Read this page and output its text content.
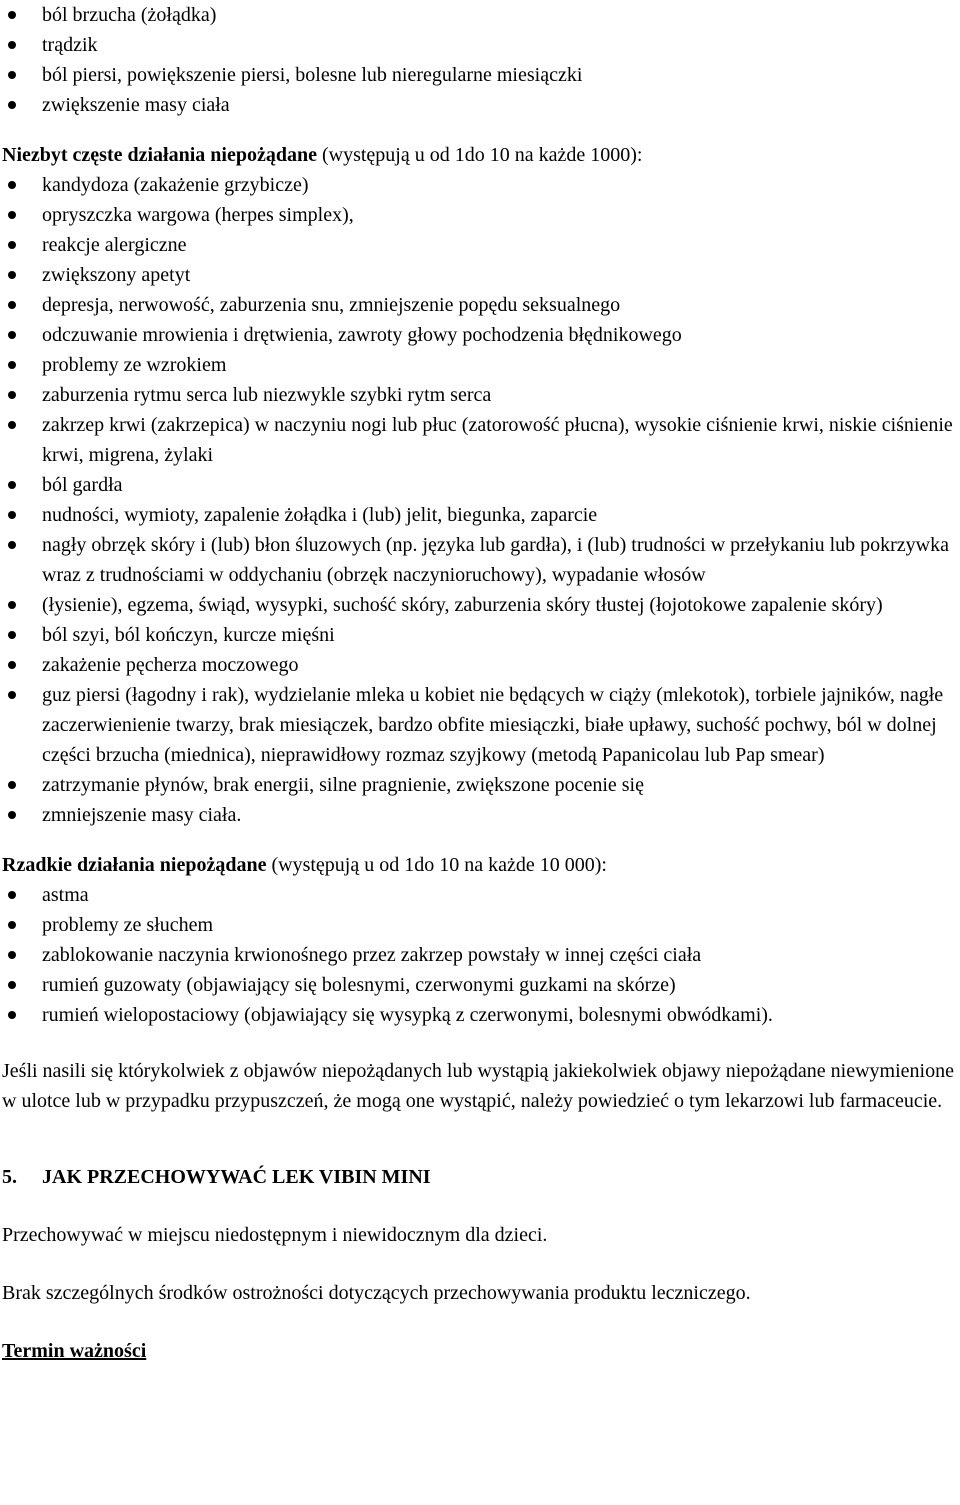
ból brzucha (żołądka)
trądzik
ból piersi, powiększenie piersi, bolesne lub nieregularne miesiączki
zwiększenie masy ciała

Niezbyt częste działania niepożądane (występują u od 1do 10 na każde 1000):

kandydoza (zakażenie grzybicze)
opryszczka wargowa (herpes simplex),
reakcje alergiczne
zwiększony apetyt
depresja, nerwowość, zaburzenia snu, zmniejszenie popędu seksualnego
odczuwanie mrowienia i drętwienia, zawroty głowy pochodzenia błędnikowego
problemy ze wzrokiem
zaburzenia rytmu serca lub niezwykle szybki rytm serca
zakrzep krwi (zakrzepica) w naczyniu nogi lub płuc (zatorowość płucna), wysokie ciśnienie krwi, niskie ciśnienie krwi, migrena, żylaki
ból gardła
nudności, wymioty, zapalenie żołądka i (lub) jelit, biegunka, zaparcie
nagły obrzęk skóry i (lub) błon śluzowych (np. języka lub gardła), i (lub) trudności w przełykaniu lub pokrzywka wraz z trudnościami w oddychaniu (obrzęk naczynioruchowy), wypadanie włosów
(łysienie), egzema, świąd, wysypki, suchość skóry, zaburzenia skóry tłustej (łojotokowe zapalenie skóry)
ból szyi, ból kończyn, kurcze mięśni
zakażenie pęcherza moczowego
guz piersi (łagodny i rak), wydzielanie mleka u kobiet nie będących w ciąży (mlekotok), torbiele jajników, nagłe zaczerwienienie twarzy, brak miesiączek, bardzo obfite miesiączki, białe upławy, suchość pochwy, ból w dolnej części brzucha (miednica), nieprawidłowy rozmaz szyjkowy (metodą Papanicolau lub Pap smear)
zatrzymanie płynów, brak energii, silne pragnienie, zwiększone pocenie się
zmniejszenie masy ciała.

Rzadkie działania niepożądane (występują u od 1do 10 na każde 10 000):

astma
problemy ze słuchem
zablokowanie naczynia krwionośnego przez zakrzep powstały w innej części ciała
rumień guzowaty (objawiający się bolesnymi, czerwonymi guzkami na skórze)
rumień wielopostaciowy (objawiający się wysypką z czerwonymi, bolesnymi obwódkami).

Jeśli nasili się którykolwiek z objawów niepożądanych lub wystąpią jakiekolwiek objawy niepożądane niewymienione w ulotce lub w przypadku przypuszczeń, że mogą one wystąpić, należy powiedzieć o tym lekarzowi lub farmaceucie.

5.	JAK PRZECHOWYWAĆ LEK VIBIN MINI

Przechowywać w miejscu niedostępnym i niewidocznym dla dzieci.

Brak szczególnych środków ostrożności dotyczących przechowywania produktu leczniczego.

Termin ważności
